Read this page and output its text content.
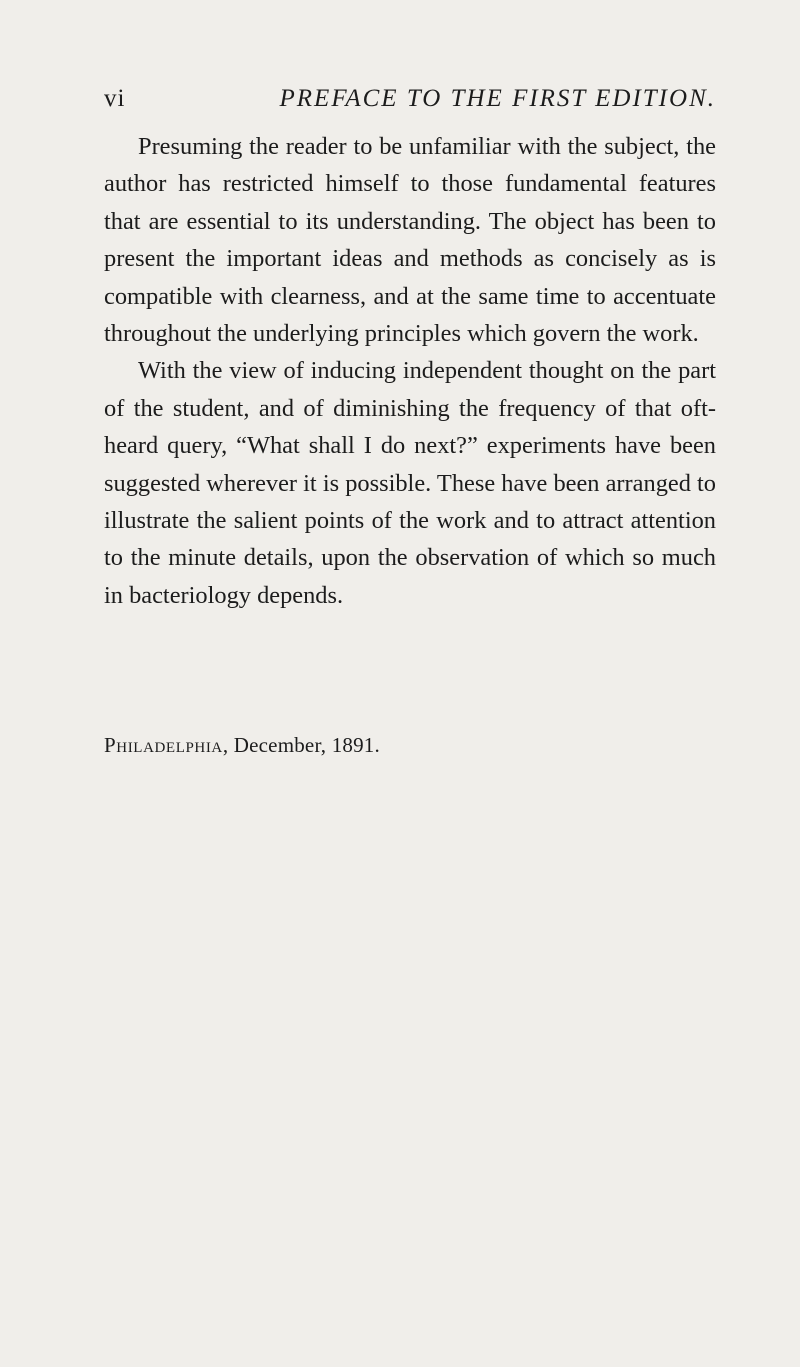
vi	PREFACE TO THE FIRST EDITION.

Presuming the reader to be unfamiliar with the subject, the author has restricted himself to those fundamental features that are essential to its understanding. The object has been to present the important ideas and methods as concisely as is compatible with clearness, and at the same time to accentuate throughout the underlying principles which govern the work.

With the view of inducing independent thought on the part of the student, and of diminishing the frequency of that oft-heard query, “What shall I do next?” experiments have been suggested wherever it is possible. These have been arranged to illustrate the salient points of the work and to attract attention to the minute details, upon the observation of which so much in bacteriology depends.

Philadelphia, December, 1891.
